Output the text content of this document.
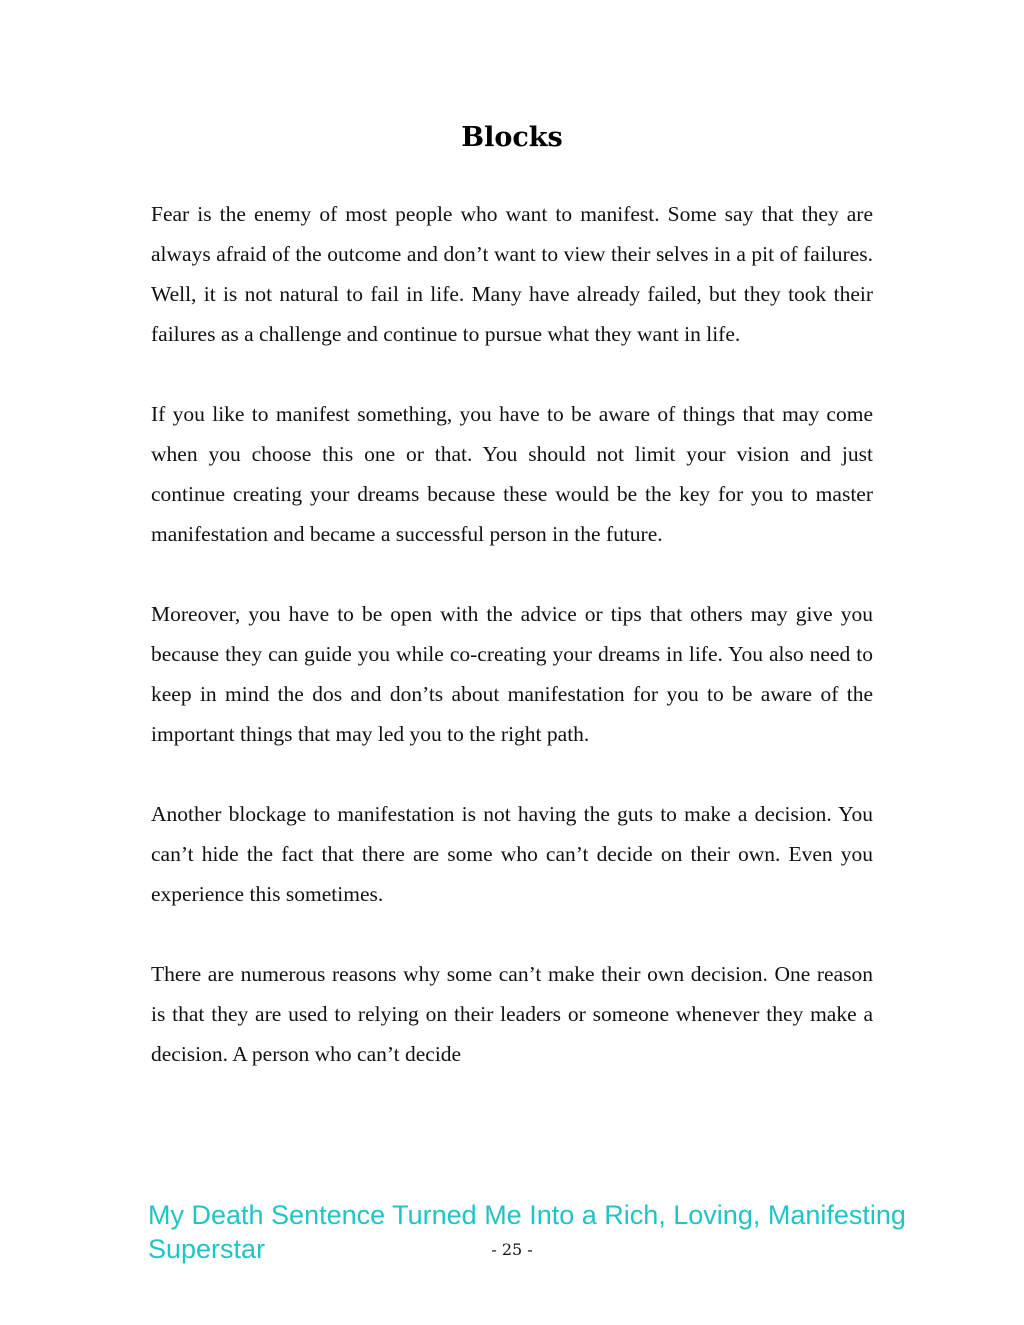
Blocks

Fear is the enemy of most people who want to manifest. Some say that they are always afraid of the outcome and don’t want to view their selves in a pit of failures. Well, it is not natural to fail in life. Many have already failed, but they took their failures as a challenge and continue to pursue what they want in life.

If you like to manifest something, you have to be aware of things that may come when you choose this one or that. You should not limit your vision and just continue creating your dreams because these would be the key for you to master manifestation and became a successful person in the future.

Moreover, you have to be open with the advice or tips that others may give you because they can guide you while co-creating your dreams in life. You also need to keep in mind the dos and don’ts about manifestation for you to be aware of the important things that may led you to the right path.

Another blockage to manifestation is not having the guts to make a decision. You can’t hide the fact that there are some who can’t decide on their own. Even you experience this sometimes.

There are numerous reasons why some can’t make their own decision. One reason is that they are used to relying on their leaders or someone whenever they make a decision. A person who can’t decide

My Death Sentence Turned Me Into a Rich, Loving, Manifesting Superstar	- 25 -
